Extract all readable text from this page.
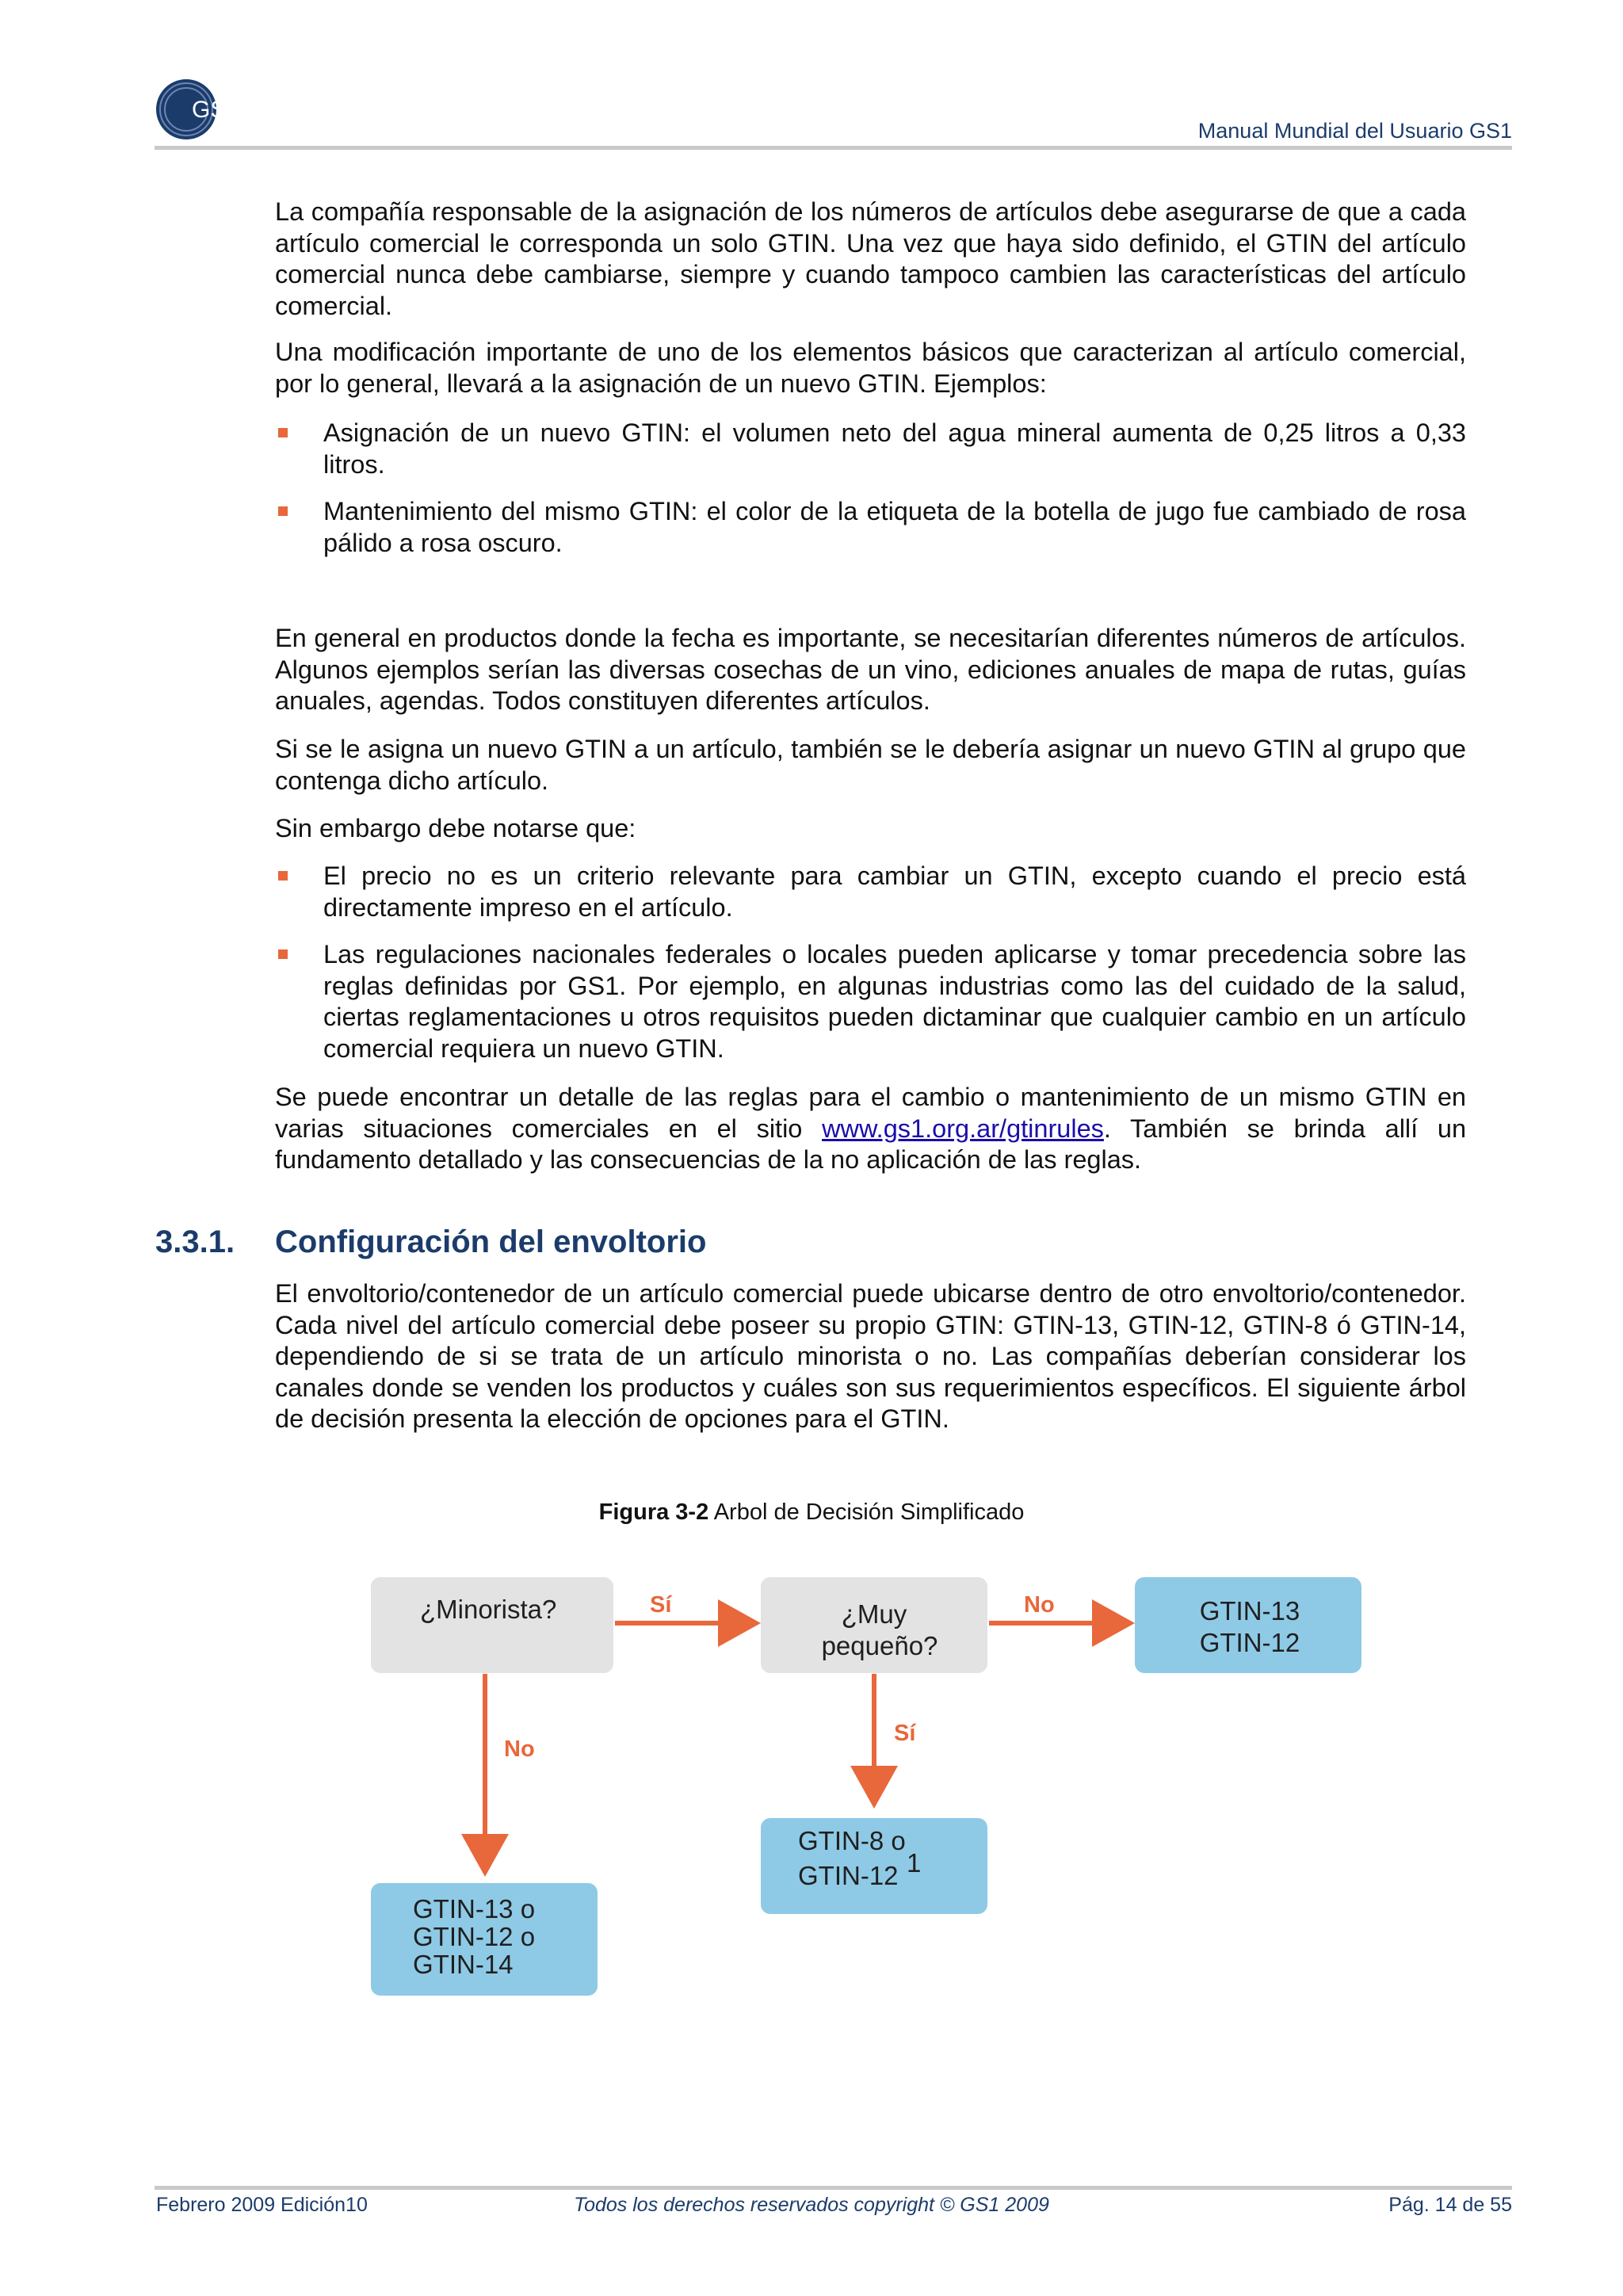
GS1
Manual Mundial del Usuario GS1

La compañía responsable de la asignación de los números de artículos debe asegurarse de que a cada artículo comercial le corresponda un solo GTIN. Una vez que haya sido definido, el GTIN del artículo comercial nunca debe cambiarse, siempre y cuando tampoco cambien las características del artículo comercial.

Una modificación importante de uno de los elementos básicos que caracterizan al artículo comercial, por lo general, llevará a la asignación de un nuevo GTIN. Ejemplos:

Asignación de un nuevo GTIN: el volumen neto del agua mineral aumenta de 0,25 litros a 0,33 litros.

Mantenimiento del mismo GTIN: el color de la etiqueta de la botella de jugo fue cambiado de rosa pálido a rosa oscuro.

En general en productos donde la fecha es importante, se necesitarían diferentes números de artículos. Algunos ejemplos serían las diversas cosechas de un vino, ediciones anuales de mapa de rutas, guías anuales, agendas. Todos constituyen diferentes artículos.

Si se le asigna un nuevo GTIN a un artículo, también se le debería asignar un nuevo GTIN al grupo que contenga dicho artículo.

Sin embargo debe notarse que:

El precio no es un criterio relevante para cambiar un GTIN, excepto cuando el precio está directamente impreso en el artículo.

Las regulaciones nacionales federales o locales pueden aplicarse y tomar precedencia sobre las reglas definidas por GS1. Por ejemplo, en algunas industrias como las del cuidado de la salud, ciertas reglamentaciones u otros requisitos pueden dictaminar que cualquier cambio en un artículo comercial requiera un nuevo GTIN.

Se puede encontrar un detalle de las reglas para el cambio o mantenimiento de un mismo GTIN en varias situaciones comerciales en el sitio www.gs1.org.ar/gtinrules. También se brinda allí un fundamento detallado y las consecuencias de la no aplicación de las reglas.

3.3.1. Configuración del envoltorio

El envoltorio/contenedor de un artículo comercial puede ubicarse dentro de otro envoltorio/contenedor. Cada nivel del artículo comercial debe poseer su propio GTIN: GTIN-13, GTIN-12, GTIN-8 ó GTIN-14, dependiendo de si se trata de un artículo minorista o no. Las compañías deberían considerar los canales donde se venden los productos y cuáles son sus requerimientos específicos. El siguiente árbol de decisión presenta la elección de opciones para el GTIN.

Figura 3-2 Arbol de Decisión Simplificado
Sí	No
No
Sí
¿Minorista?	¿Muy
pequeño?
GTIN-13
GTIN-12
GTIN-8 o
GTIN-12 1
GTIN-13 o
GTIN-12 o
GTIN-14
Febrero 2009 Edición10	Todos los derechos reservados copyright © GS1 2009	Pág. 14 de 55
